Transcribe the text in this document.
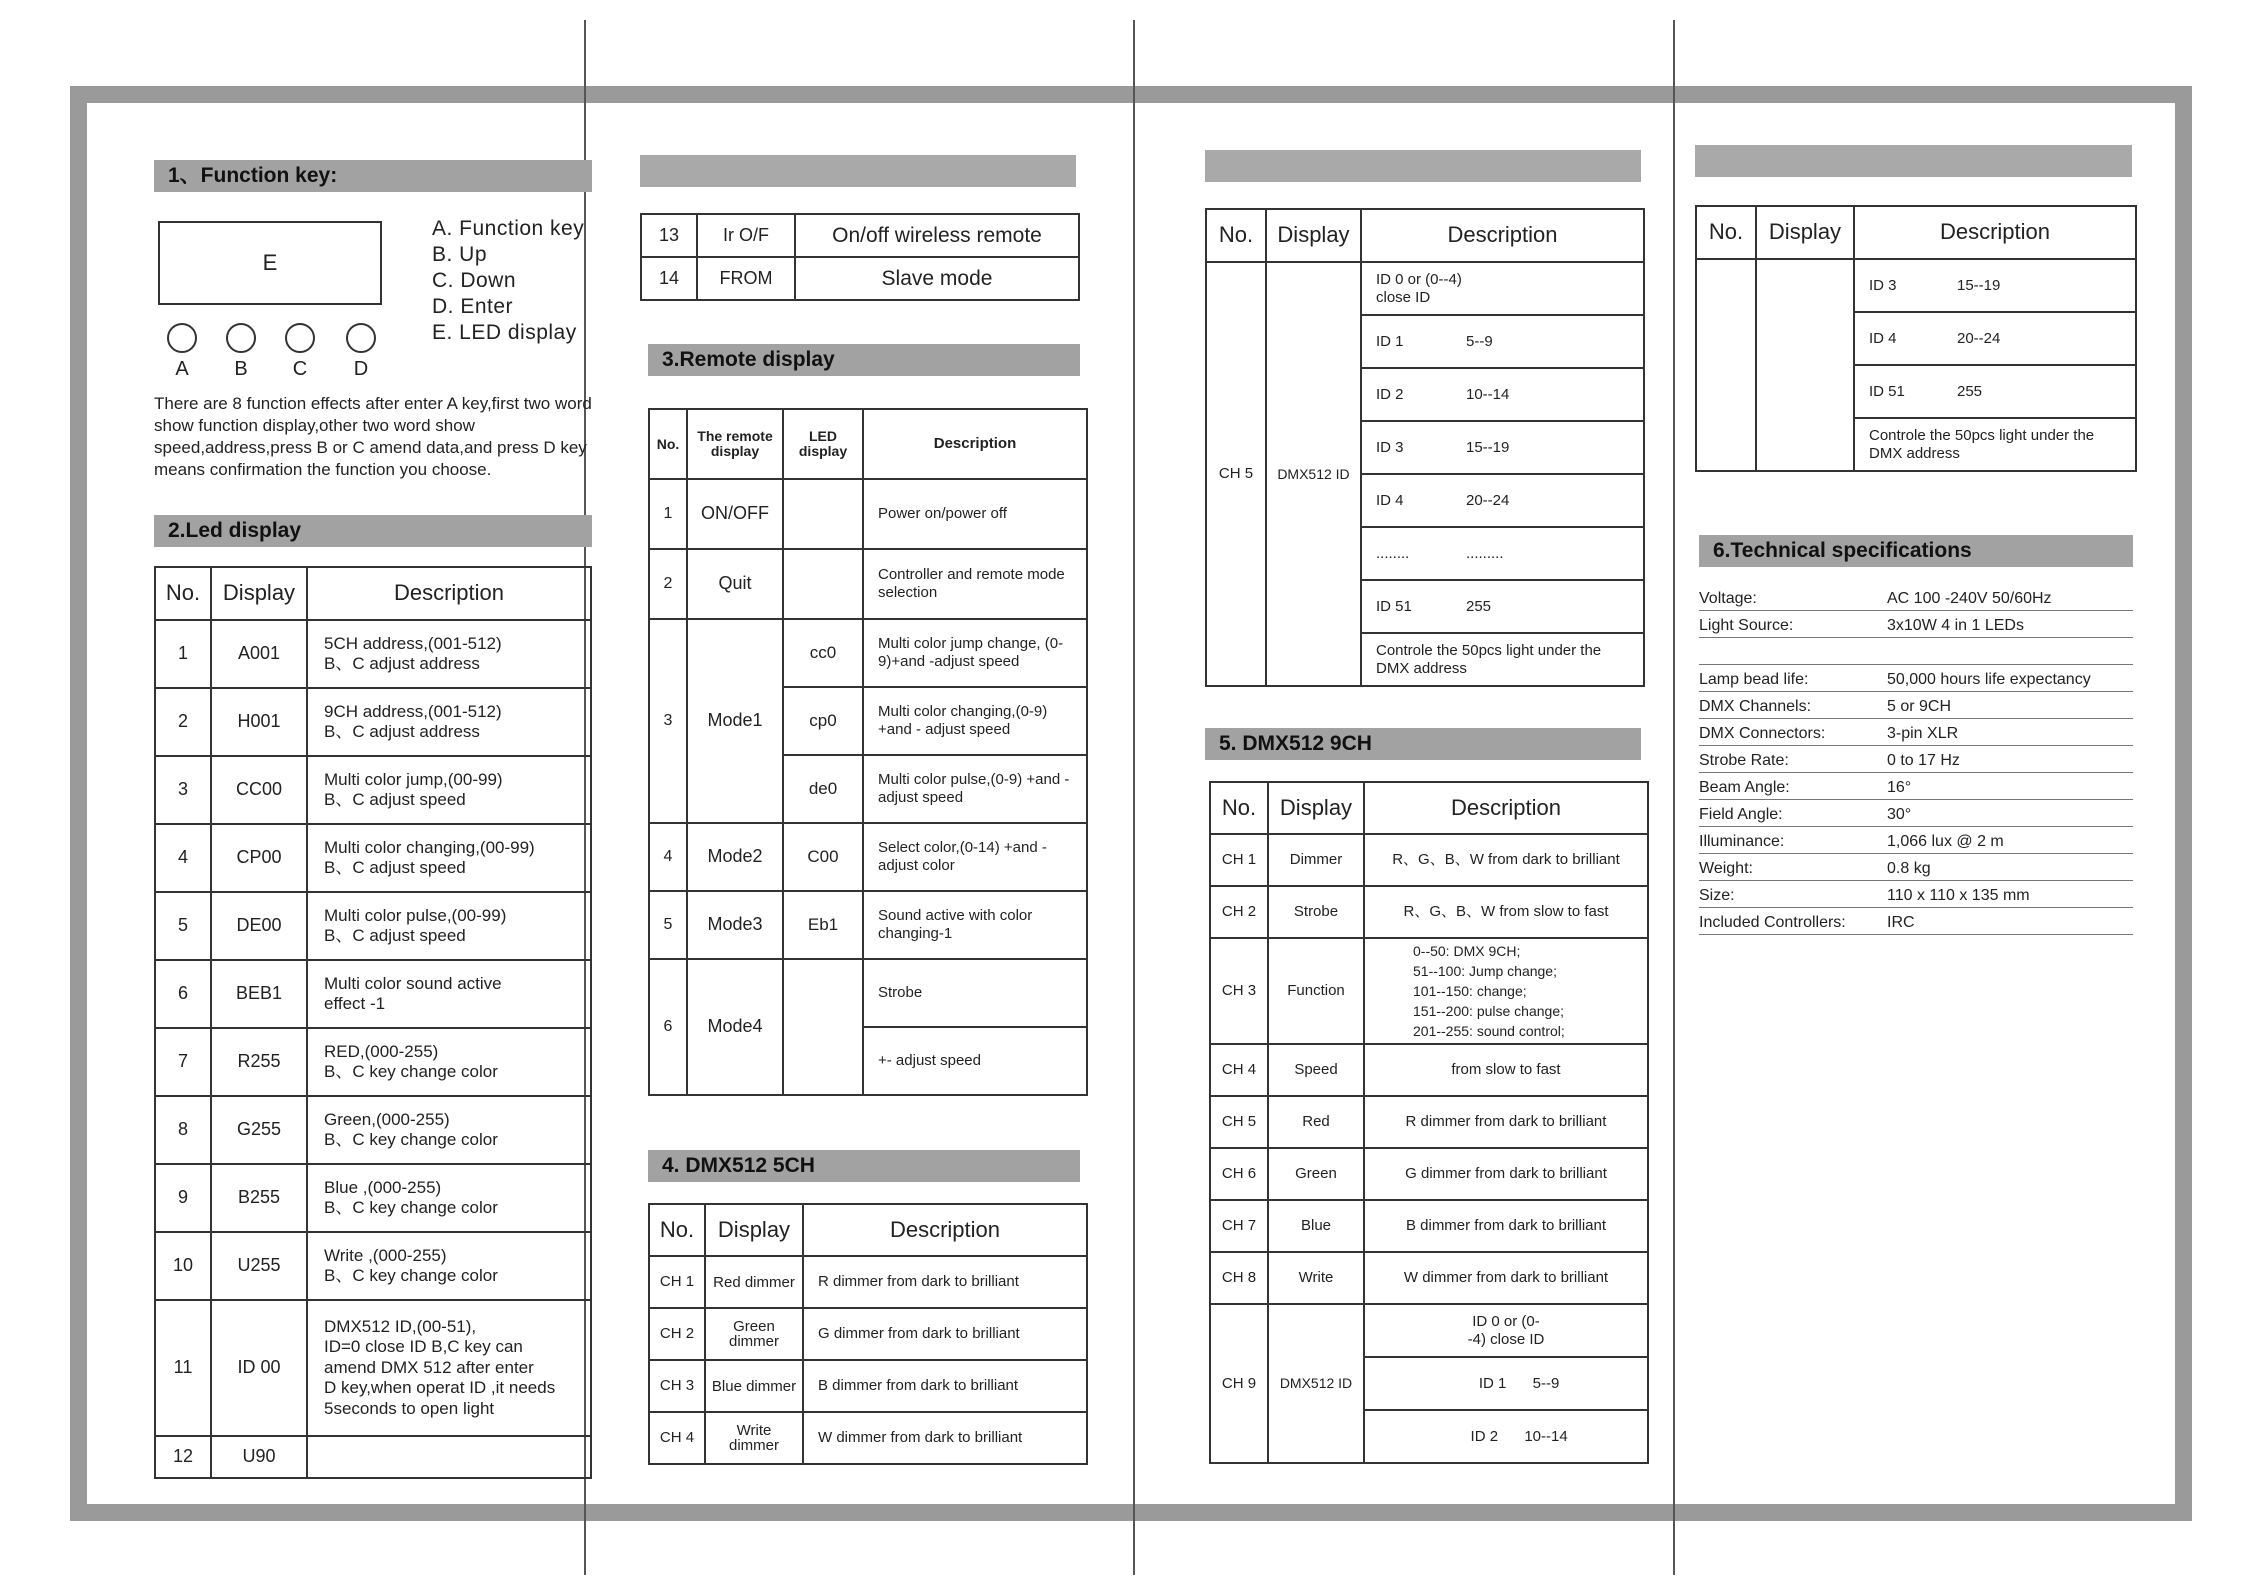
1、Function key:
E
A. Function key
B. Up
C. Down
D. Enter
E. LED display
A	B	C	D
There are 8 function effects after enter A key,first two word show function display,other two word show speed,address,press B or C amend data,and press D key means confirmation the function you choose.
2.Led display
No.	Display	Description
1	A001	5CH address,(001-512)
B、C adjust address
2	H001	9CH address,(001-512)
B、C adjust address
3	CC00	Multi color jump,(00-99)
B、C adjust speed
4	CP00	Multi color changing,(00-99)
B、C adjust speed
5	DE00	Multi color pulse,(00-99)
B、C adjust speed
6	BEB1	Multi color sound active
effect -1
7	R255	RED,(000-255)
B、C key change color
8	G255	Green,(000-255)
B、C key change color
9	B255	Blue ,(000-255)
B、C key change color
10	U255	Write ,(000-255)
B、C key change color
11	ID 00	DMX512 ID,(00-51),
ID=0 close ID B,C key can
amend DMX 512 after enter
D key,when operat ID ,it needs
5seconds to open light
12	U90	
13	Ir O/F	On/off wireless remote
14	FROM	Slave mode
3.Remote display
No.	The remote display	LED display	Description
1	ON/OFF		Power on/power off
2	Quit		Controller and remote mode selection
3	Mode1	cc0	Multi color jump change, (0-9)+and -adjust speed
		cp0	Multi color changing,(0-9) +and - adjust speed
		de0	Multi color pulse,(0-9) +and - adjust speed
4	Mode2	C00	Select color,(0-14) +and - adjust color
5	Mode3	Eb1	Sound active with color changing-1
6	Mode4		Strobe
			+- adjust speed
4. DMX512 5CH
No.	Display	Description
CH 1	Red dimmer	R dimmer from dark to brilliant
CH 2	Green dimmer	G dimmer from dark to brilliant
CH 3	Blue dimmer	B dimmer from dark to brilliant
CH 4	Write dimmer	W dimmer from dark to brilliant
No.	Display	Description
CH 5	DMX512 ID	ID 0 or (0--4) close ID
		ID 1 5--9
		ID 2 10--14
		ID 3 15--19
		ID 4 20--24
		........ .........
		ID 51 255
		Controle the 50pcs light under the DMX address
5. DMX512 9CH
No.	Display	Description
CH 1	Dimmer	R、G、B、W from dark to brilliant
CH 2	Strobe	R、G、B、W from slow to fast
CH 3	Function	0--50: DMX 9CH;
51--100: Jump change;
101--150: change;
151--200: pulse change;
201--255: sound control;
CH 4	Speed	from slow to fast
CH 5	Red	R dimmer from dark to brilliant
CH 6	Green	G dimmer from dark to brilliant
CH 7	Blue	B dimmer from dark to brilliant
CH 8	Write	W dimmer from dark to brilliant
CH 9	DMX512 ID	ID 0 or (0--4) close ID
		ID 1 5--9
		ID 2 10--14
No.	Display	Description
		ID 3 15--19
		ID 4 20--24
		ID 51 255
		Controle the 50pcs light under the DMX address
6.Technical specifications
Voltage:	AC 100 -240V 50/60Hz
Light Source:	3x10W 4 in 1 LEDs
Lamp bead life:	50,000 hours life expectancy
DMX Channels:	5 or 9CH
DMX Connectors:	3-pin XLR
Strobe Rate:	0 to 17 Hz
Beam Angle:	16°
Field Angle:	30°
Illuminance:	1,066 lux @ 2 m
Weight:	0.8 kg
Size:	110 x 110 x 135 mm
Included Controllers:	IRC
